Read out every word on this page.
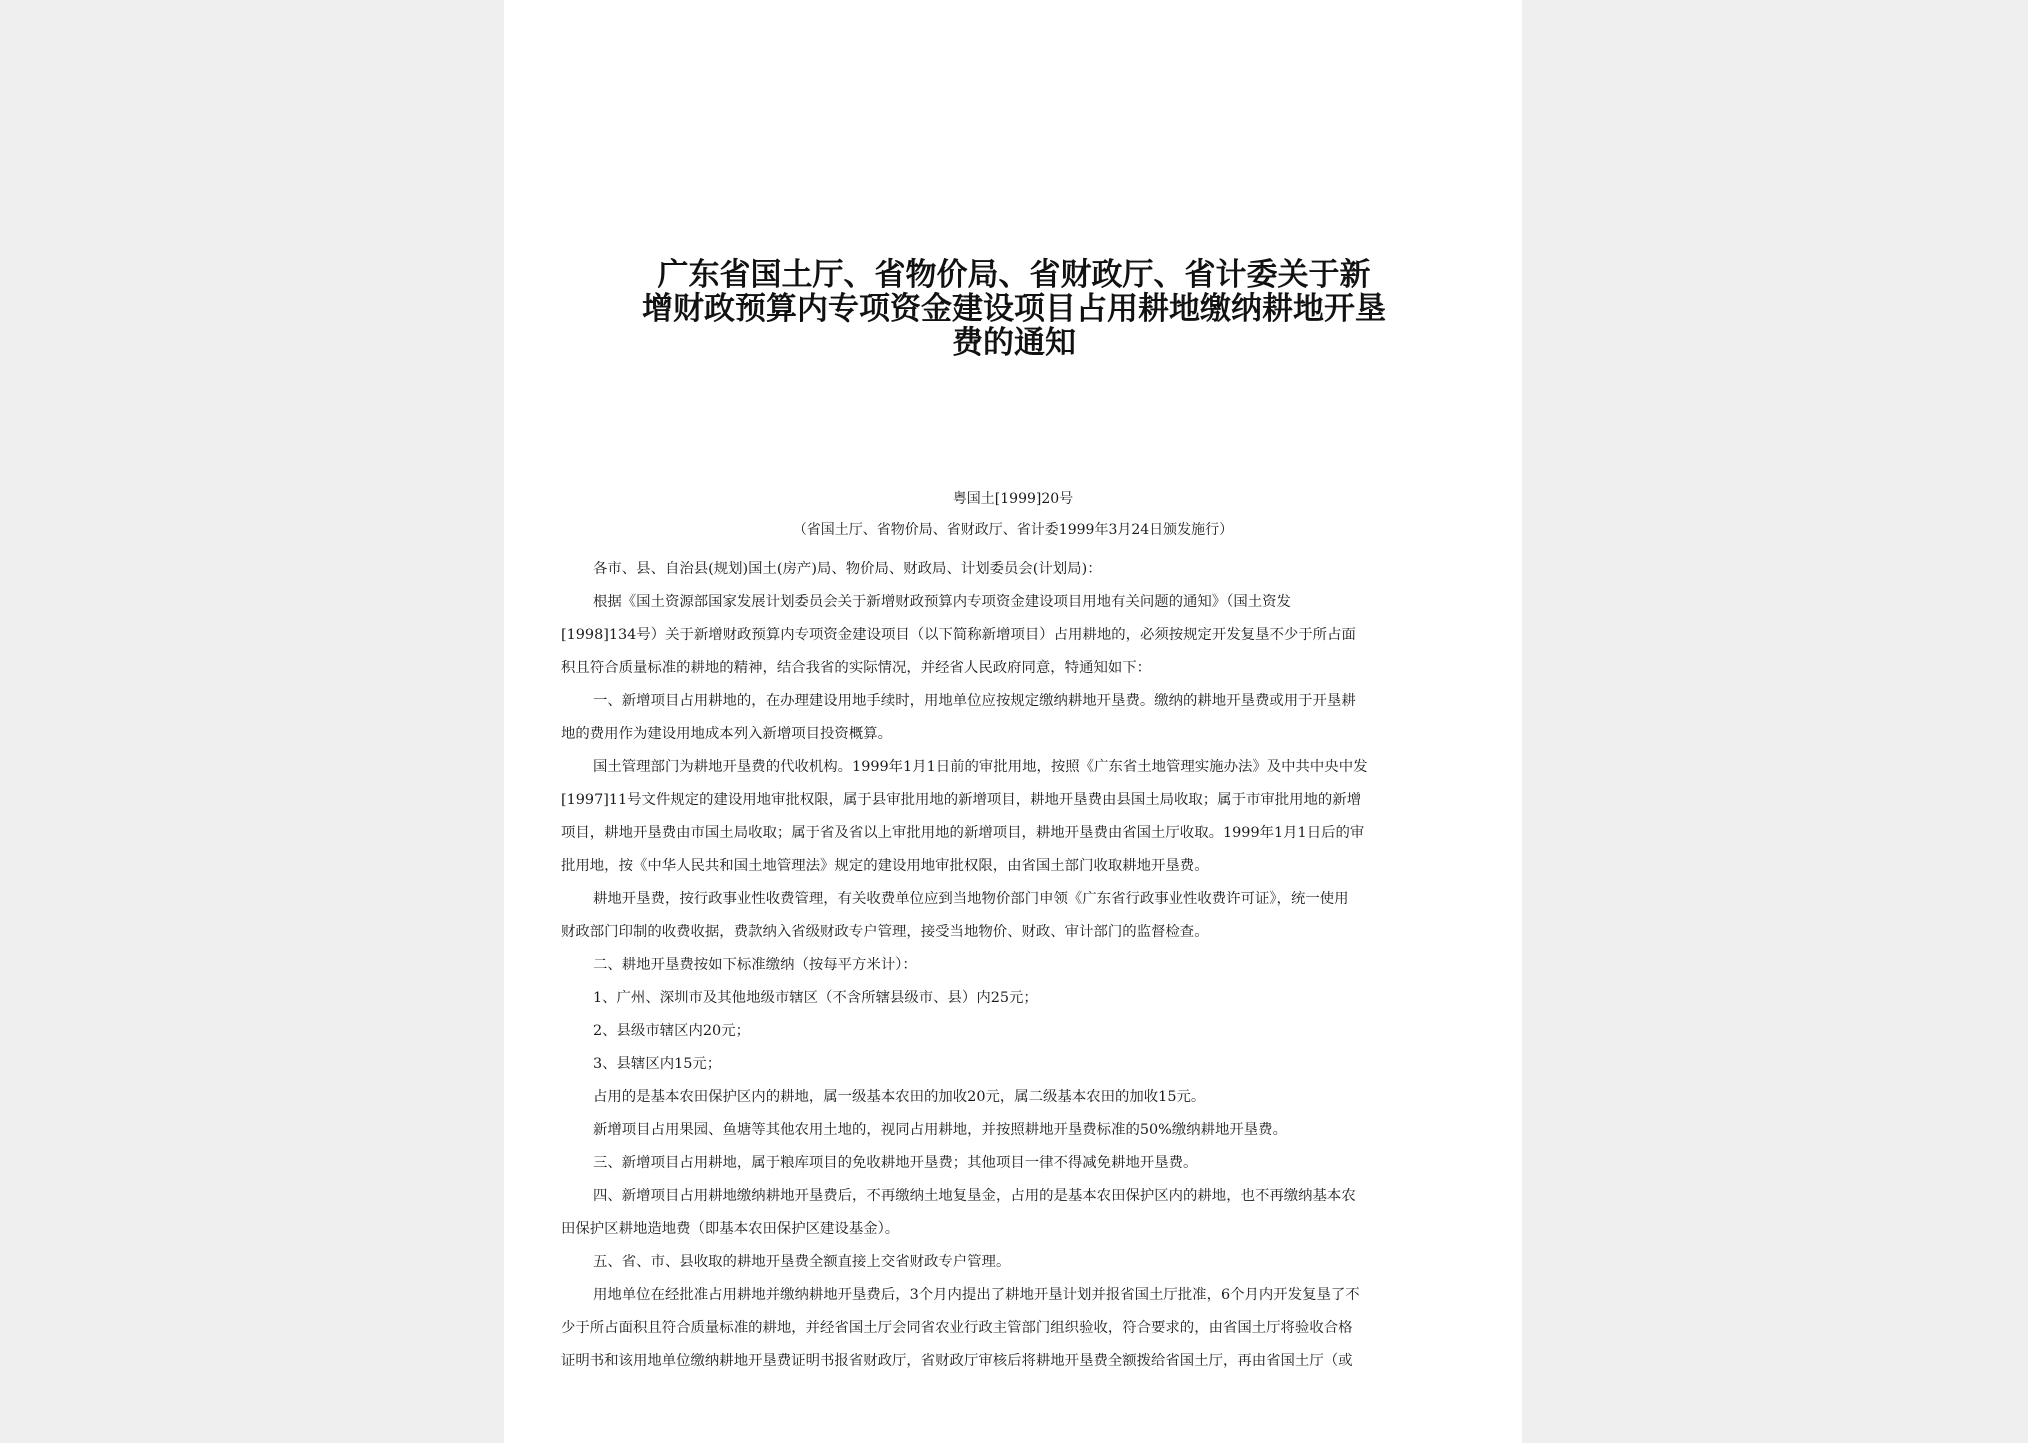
广东省国土厅、省物价局、省财政厅、省计委关于新
增财政预算内专项资金建设项目占用耕地缴纳耕地开垦
费的通知
粤国土[1999]20号
（省国土厅、省物价局、省财政厅、省计委1999年3月24日颁发施行）
各市、县、自治县(规划)国土(房产)局、物价局、财政局、计划委员会(计划局)：
根据《国土资源部国家发展计划委员会关于新增财政预算内专项资金建设项目用地有关问题的通知》（国土资发
[1998]134号）关于新增财政预算内专项资金建设项目（以下简称新增项目）占用耕地的，必须按规定开发复垦不少于所占面
积且符合质量标准的耕地的精神，结合我省的实际情况，并经省人民政府同意，特通知如下：
一、新增项目占用耕地的，在办理建设用地手续时，用地单位应按规定缴纳耕地开垦费。缴纳的耕地开垦费或用于开垦耕
地的费用作为建设用地成本列入新增项目投资概算。
国土管理部门为耕地开垦费的代收机构。1999年1月1日前的审批用地，按照《广东省土地管理实施办法》及中共中央中发
[1997]11号文件规定的建设用地审批权限，属于县审批用地的新增项目，耕地开垦费由县国土局收取；属于市审批用地的新增
项目，耕地开垦费由市国土局收取；属于省及省以上审批用地的新增项目，耕地开垦费由省国土厅收取。1999年1月1日后的审
批用地，按《中华人民共和国土地管理法》规定的建设用地审批权限，由省国土部门收取耕地开垦费。
耕地开垦费，按行政事业性收费管理，有关收费单位应到当地物价部门申领《广东省行政事业性收费许可证》，统一使用
财政部门印制的收费收据，费款纳入省级财政专户管理，接受当地物价、财政、审计部门的监督检查。
二、耕地开垦费按如下标准缴纳（按每平方米计）：
1、广州、深圳市及其他地级市辖区（不含所辖县级市、县）内25元；
2、县级市辖区内20元；
3、县辖区内15元；
占用的是基本农田保护区内的耕地，属一级基本农田的加收20元，属二级基本农田的加收15元。
新增项目占用果园、鱼塘等其他农用土地的，视同占用耕地，并按照耕地开垦费标准的50%缴纳耕地开垦费。
三、新增项目占用耕地，属于粮库项目的免收耕地开垦费；其他项目一律不得减免耕地开垦费。
四、新增项目占用耕地缴纳耕地开垦费后，不再缴纳土地复垦金，占用的是基本农田保护区内的耕地，也不再缴纳基本农
田保护区耕地造地费（即基本农田保护区建设基金）。
五、省、市、县收取的耕地开垦费全额直接上交省财政专户管理。
用地单位在经批准占用耕地并缴纳耕地开垦费后，3个月内提出了耕地开垦计划并报省国土厅批准，6个月内开发复垦了不
少于所占面积且符合质量标准的耕地，并经省国土厅会同省农业行政主管部门组织验收，符合要求的，由省国土厅将验收合格
证明书和该用地单位缴纳耕地开垦费证明书报省财政厅，省财政厅审核后将耕地开垦费全额拨给省国土厅，再由省国土厅（或
